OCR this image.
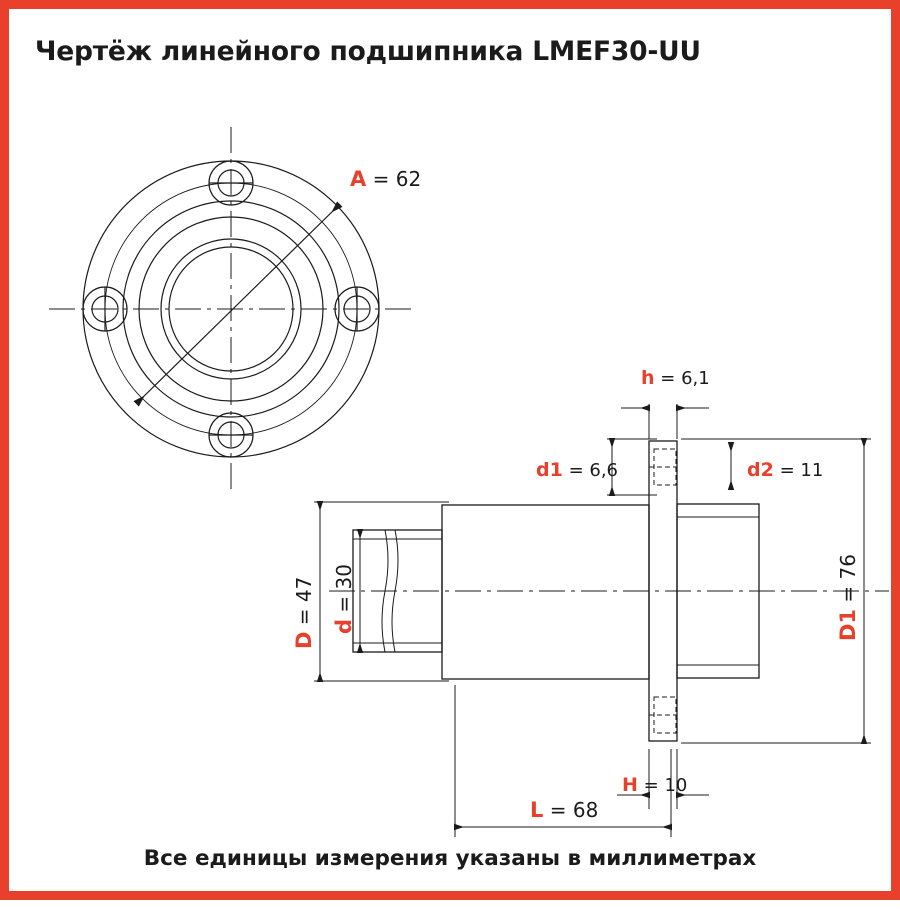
Чертёж линейного подшипника LMEF30-UU
A = 62
h = 6,1
d1 = 6,6	d2 = 11
D = 47
d = 30
D1 = 76
H = 10
L = 68
Все единицы измерения указаны в миллиметрах
